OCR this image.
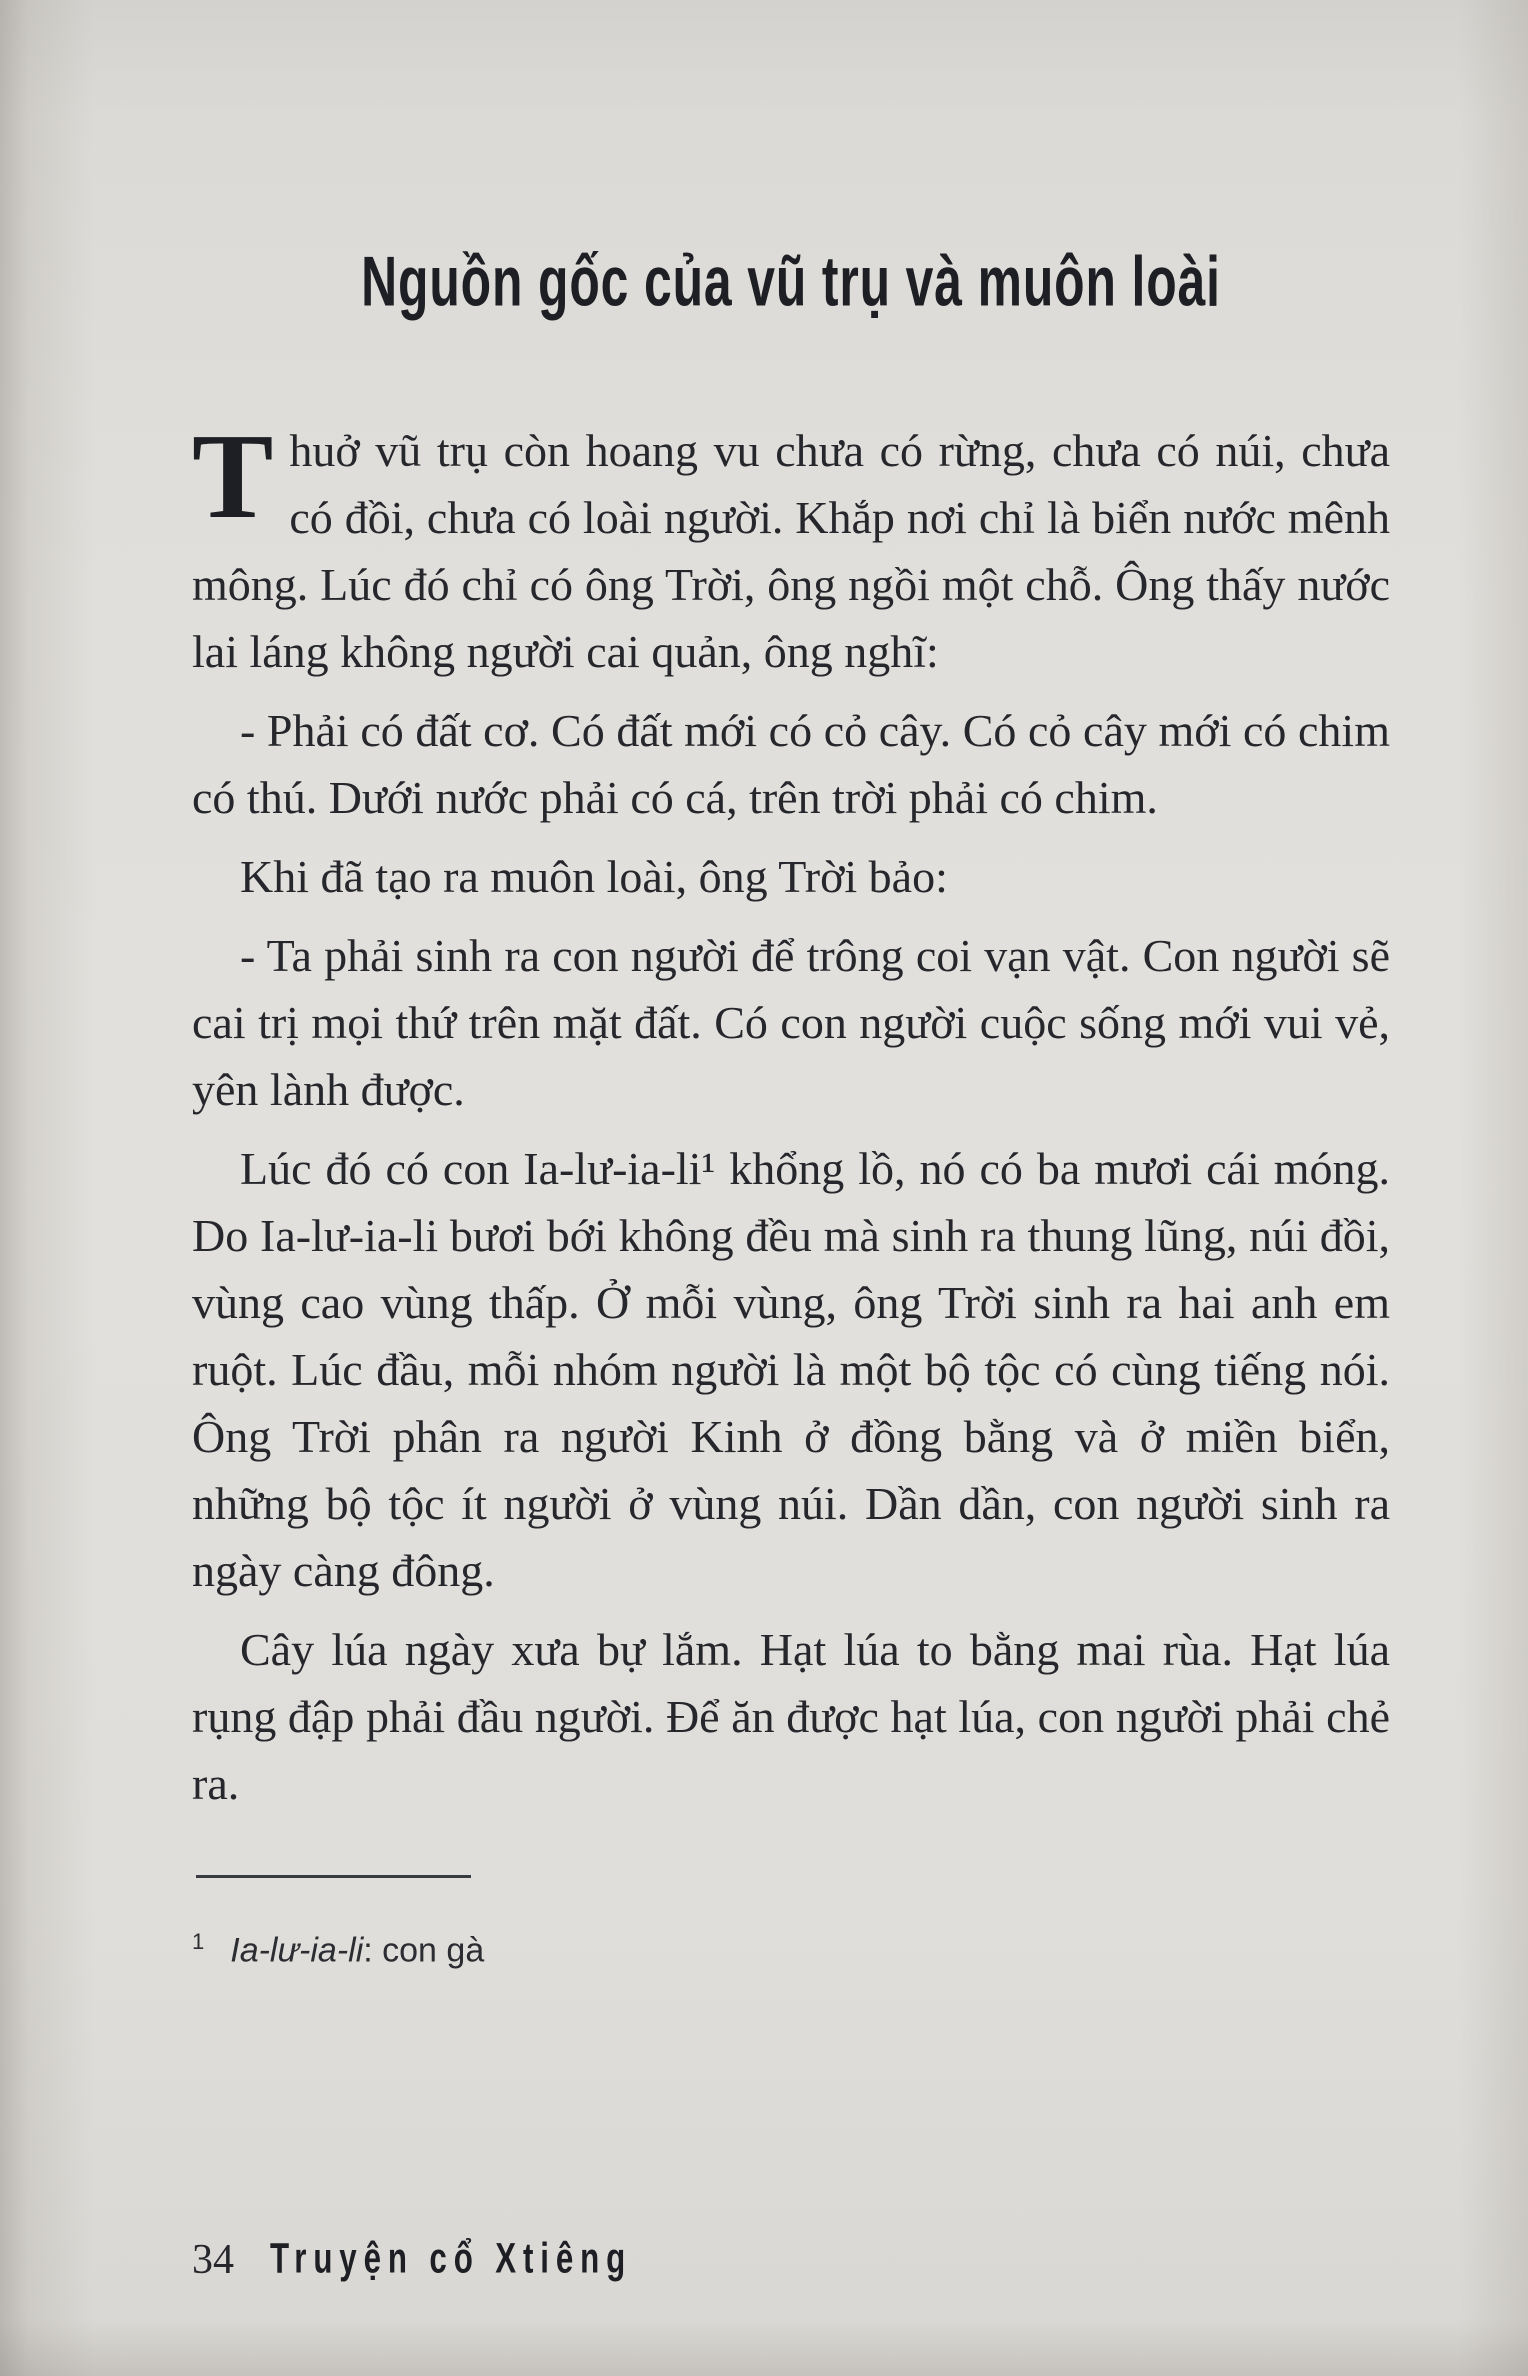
Nguồn gốc của vũ trụ và muôn loài

Thuở vũ trụ còn hoang vu chưa có rừng, chưa có núi, chưa có đồi, chưa có loài người. Khắp nơi chỉ là biển nước mênh mông. Lúc đó chỉ có ông Trời, ông ngồi một chỗ. Ông thấy nước lai láng không người cai quản, ông nghĩ:

- Phải có đất cơ. Có đất mới có cỏ cây. Có cỏ cây mới có chim có thú. Dưới nước phải có cá, trên trời phải có chim.

Khi đã tạo ra muôn loài, ông Trời bảo:

- Ta phải sinh ra con người để trông coi vạn vật. Con người sẽ cai trị mọi thứ trên mặt đất. Có con người cuộc sống mới vui vẻ, yên lành được.

Lúc đó có con Ia-lư-ia-li¹ khổng lồ, nó có ba mươi cái móng. Do Ia-lư-ia-li bươi bới không đều mà sinh ra thung lũng, núi đồi, vùng cao vùng thấp. Ở mỗi vùng, ông Trời sinh ra hai anh em ruột. Lúc đầu, mỗi nhóm người là một bộ tộc có cùng tiếng nói. Ông Trời phân ra người Kinh ở đồng bằng và ở miền biển, những bộ tộc ít người ở vùng núi. Dần dần, con người sinh ra ngày càng đông.

Cây lúa ngày xưa bự lắm. Hạt lúa to bằng mai rùa. Hạt lúa rụng đập phải đầu người. Để ăn được hạt lúa, con người phải chẻ ra.

$^1$ Ia-lư-ia-li: con gà

34 Truyện cổ Xtiêng
